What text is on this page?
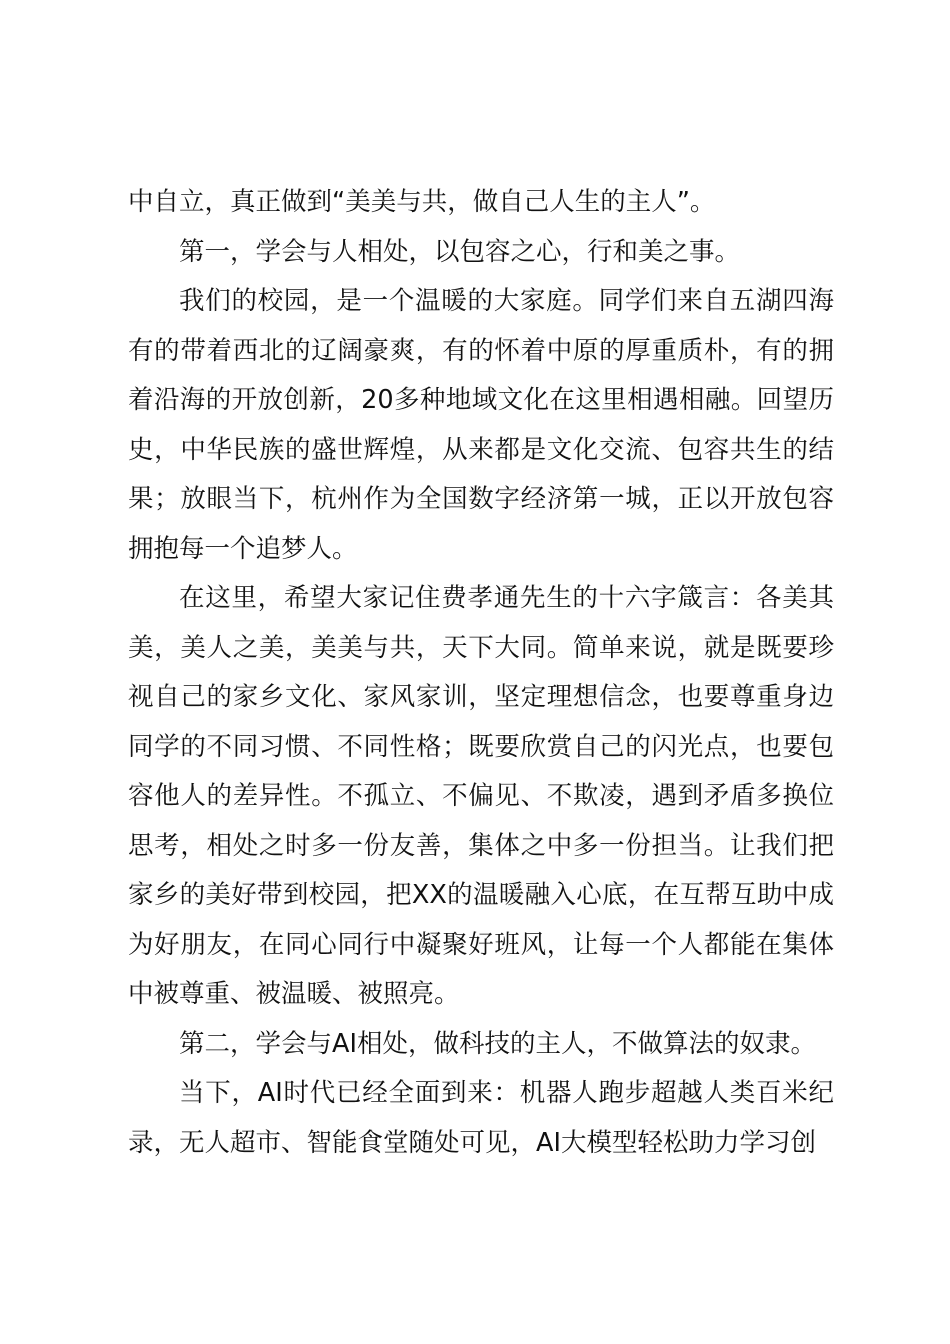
中自立，真正做到“美美与共，做自己人生的主人”。

第一，学会与人相处，以包容之心，行和美之事。

我们的校园，是一个温暖的大家庭。同学们来自五湖四海有的带着西北的辽阔豪爽，有的怀着中原的厚重质朴，有的拥着沿海的开放创新，20多种地域文化在这里相遇相融。回望历史，中华民族的盛世辉煌，从来都是文化交流、包容共生的结果；放眼当下，杭州作为全国数字经济第一城，正以开放包容拥抱每一个追梦人。

在这里，希望大家记住费孝通先生的十六字箴言：各美其美，美人之美，美美与共，天下大同。简单来说，就是既要珍视自己的家乡文化、家风家训，坚定理想信念，也要尊重身边同学的不同习惯、不同性格；既要欣赏自己的闪光点，也要包容他人的差异性。不孤立、不偏见、不欺凌，遇到矛盾多换位思考，相处之时多一份友善，集体之中多一份担当。让我们把家乡的美好带到校园，把XX的温暖融入心底，在互帮互助中成为好朋友，在同心同行中凝聚好班风，让每一个人都能在集体中被尊重、被温暖、被照亮。

第二，学会与AI相处，做科技的主人，不做算法的奴隶。

当下，AI时代已经全面到来：机器人跑步超越人类百米纪录，无人超市、智能食堂随处可见，AI大模型轻松助力学习创
